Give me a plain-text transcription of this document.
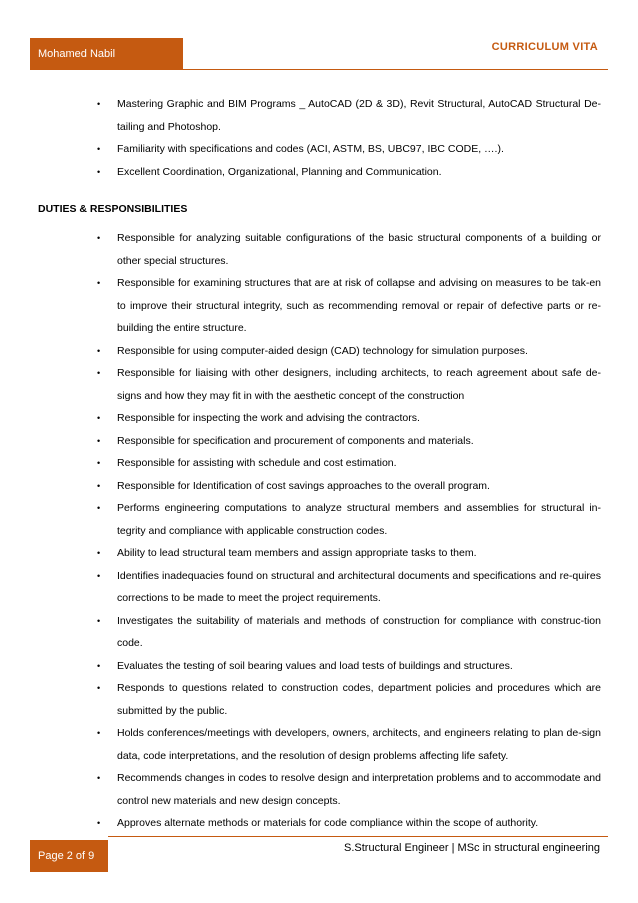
Mohamed Nabil
CURRICULUM VITA
• Mastering Graphic and BIM Programs _ AutoCAD (2D & 3D), Revit Structural, AutoCAD Structural De-tailing and Photoshop.
• Familiarity with specifications and codes (ACI, ASTM, BS, UBC97, IBC CODE, ….).
• Excellent Coordination, Organizational, Planning and Communication.
DUTIES & RESPONSIBILITIES
• Responsible for analyzing suitable configurations of the basic structural components of a building or other special structures.
• Responsible for examining structures that are at risk of collapse and advising on measures to be tak-en to improve their structural integrity, such as recommending removal or repair of defective parts or re-building the entire structure.
• Responsible for using computer-aided design (CAD) technology for simulation purposes.
• Responsible for liaising with other designers, including architects, to reach agreement about safe de-signs and how they may fit in with the aesthetic concept of the construction
• Responsible for inspecting the work and advising the contractors.
• Responsible for specification and procurement of components and materials.
• Responsible for assisting with schedule and cost estimation.
• Responsible for Identification of cost savings approaches to the overall program.
• Performs engineering computations to analyze structural members and assemblies for structural in-tegrity and compliance with applicable construction codes.
• Ability to lead structural team members and assign appropriate tasks to them.
• Identifies inadequacies found on structural and architectural documents and specifications and re-quires corrections to be made to meet the project requirements.
• Investigates the suitability of materials and methods of construction for compliance with construc-tion code.
• Evaluates the testing of soil bearing values and load tests of buildings and structures.
• Responds to questions related to construction codes, department policies and procedures which are submitted by the public.
• Holds conferences/meetings with developers, owners, architects, and engineers relating to plan de-sign data, code interpretations, and the resolution of design problems affecting life safety.
• Recommends changes in codes to resolve design and interpretation problems and to accommodate and control new materials and new design concepts.
• Approves alternate methods or materials for code compliance within the scope of authority.
Page 2 of 9
S.Structural Engineer | MSc in structural engineering
